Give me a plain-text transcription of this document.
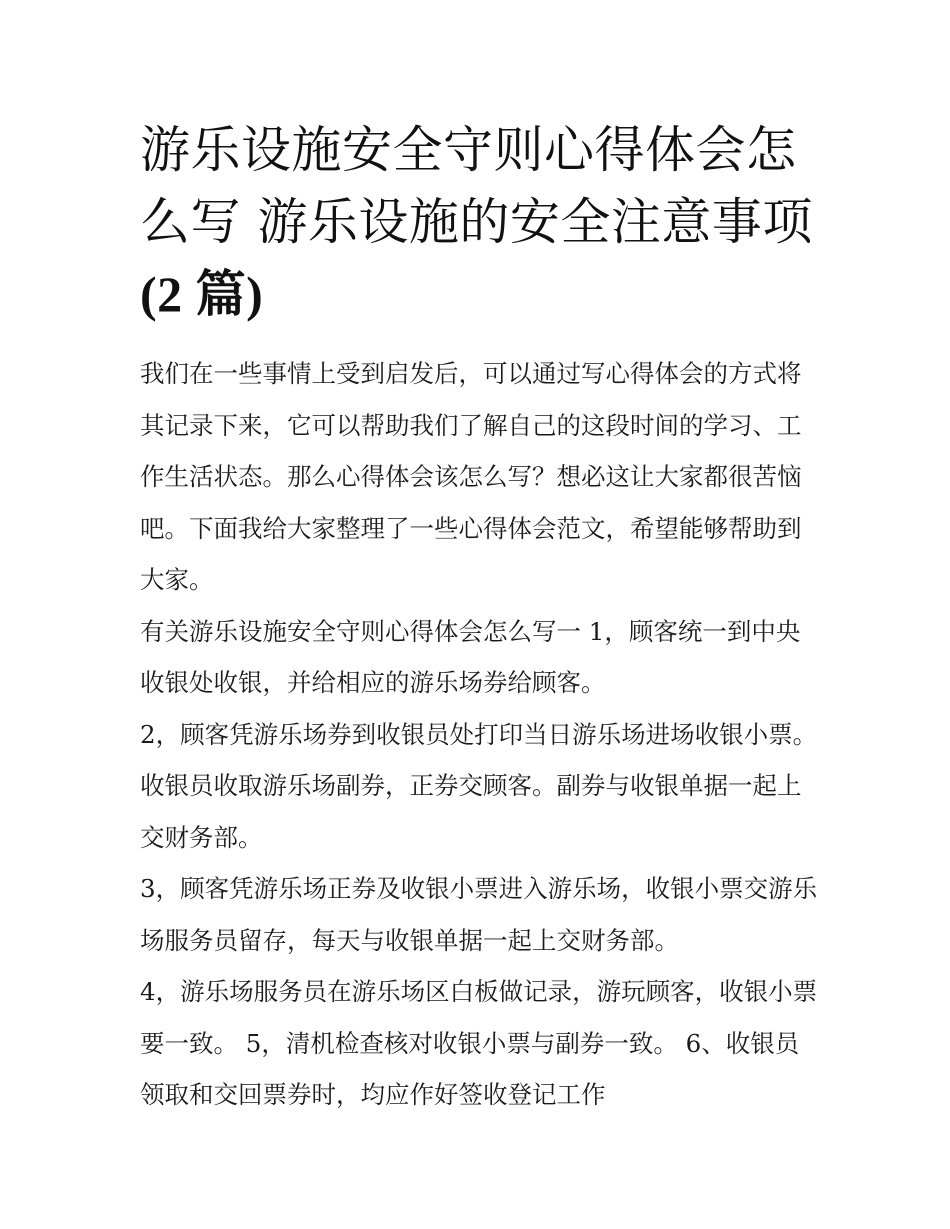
游乐设施安全守则心得体会怎么写 游乐设施的安全注意事项
(2 篇)

我们在一些事情上受到启发后，可以通过写心得体会的方式将其记录下来，它可以帮助我们了解自己的这段时间的学习、工作生活状态。那么心得体会该怎么写？想必这让大家都很苦恼吧。下面我给大家整理了一些心得体会范文，希望能够帮助到大家。

有关游乐设施安全守则心得体会怎么写一 1，顾客统一到中央收银处收银，并给相应的游乐场券给顾客。

2，顾客凭游乐场券到收银员处打印当日游乐场进场收银小票。收银员收取游乐场副券，正券交顾客。副券与收银单据一起上交财务部。

3，顾客凭游乐场正券及收银小票进入游乐场，收银小票交游乐场服务员留存，每天与收银单据一起上交财务部。

4，游乐场服务员在游乐场区白板做记录，游玩顾客，收银小票要一致。 5，清机检查核对收银小票与副券一致。 6、收银员领取和交回票券时，均应作好签收登记工作
